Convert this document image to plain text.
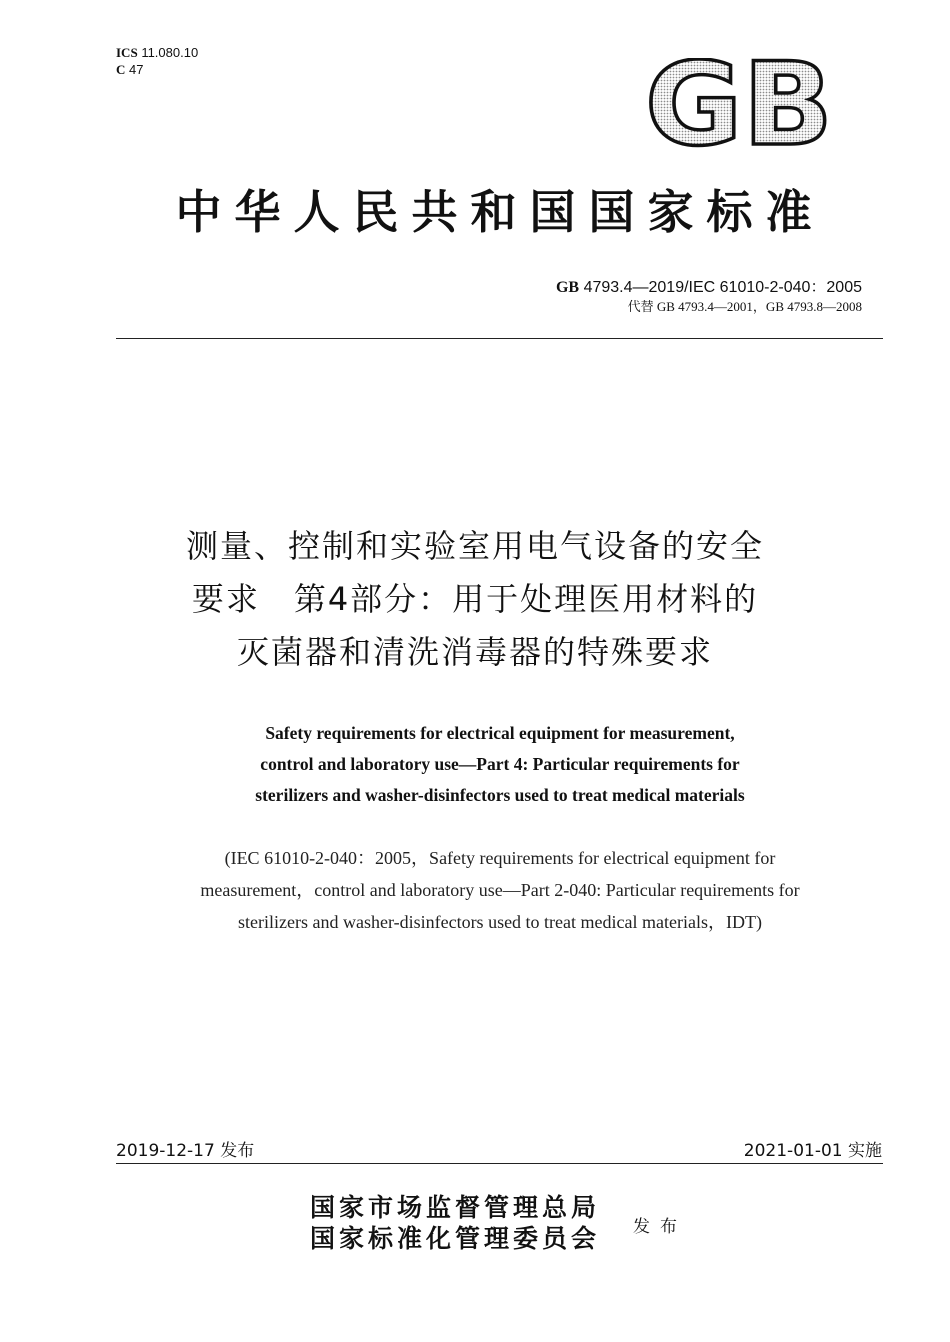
ICS 11.080.10
C 47	GB
中华人民共和国国家标准
GB 4793.4—2019/IEC 61010-2-040：2005
代替 GB 4793.4—2001，GB 4793.8—2008
测量、控制和实验室用电气设备的安全
要求　第4部分：用于处理医用材料的
灭菌器和清洗消毒器的特殊要求
Safety requirements for electrical equipment for measurement,
control and laboratory use—Part 4: Particular requirements for
sterilizers and washer-disinfectors used to treat medical materials
(IEC 61010-2-040：2005，Safety requirements for electrical equipment for
measurement，control and laboratory use—Part 2-040: Particular requirements for
sterilizers and washer-disinfectors used to treat medical materials，IDT)
2019-12-17 发布	2021-01-01 实施
国家市场监督管理总局
国家标准化管理委员会 发布
